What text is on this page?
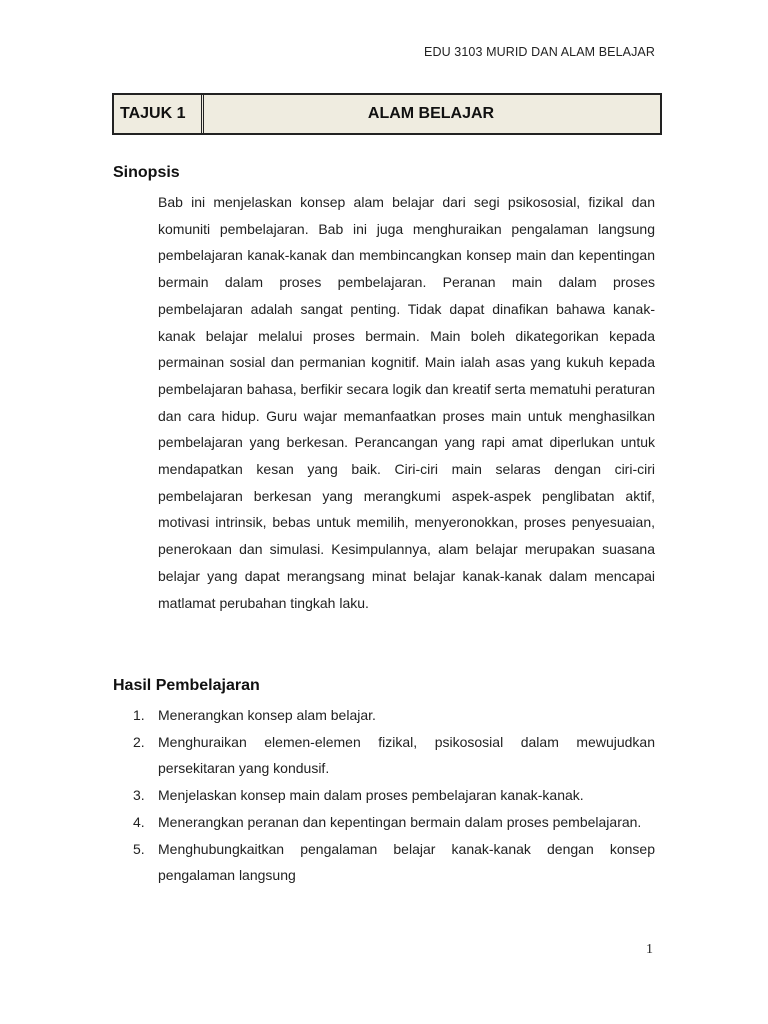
EDU 3103 MURID DAN ALAM BELAJAR
TAJUK 1	ALAM BELAJAR
Sinopsis

Bab ini menjelaskan konsep alam belajar dari segi psikososial, fizikal dan komuniti pembelajaran. Bab ini juga menghuraikan pengalaman langsung pembelajaran kanak-kanak dan membincangkan konsep main dan kepentingan bermain dalam proses pembelajaran. Peranan main dalam proses pembelajaran adalah sangat penting. Tidak dapat dinafikan bahawa kanak-kanak belajar melalui proses bermain. Main boleh dikategorikan kepada permainan sosial dan permanian kognitif. Main ialah asas yang kukuh kepada pembelajaran bahasa, berfikir secara logik dan kreatif serta mematuhi peraturan dan cara hidup. Guru wajar memanfaatkan proses main untuk menghasilkan pembelajaran yang berkesan. Perancangan yang rapi amat diperlukan untuk mendapatkan kesan yang baik. Ciri-ciri main selaras dengan ciri-ciri pembelajaran berkesan yang merangkumi aspek-aspek penglibatan aktif, motivasi intrinsik, bebas untuk memilih, menyeronokkan, proses penyesuaian, penerokaan dan simulasi. Kesimpulannya, alam belajar merupakan suasana belajar yang dapat merangsang minat belajar kanak-kanak dalam mencapai matlamat perubahan tingkah laku.

Hasil Pembelajaran
1. Menerangkan konsep alam belajar.
2. Menghuraikan elemen-elemen fizikal, psikososial dalam mewujudkan persekitaran yang kondusif.
3. Menjelaskan konsep main dalam proses pembelajaran kanak-kanak.
4. Menerangkan peranan dan kepentingan bermain dalam proses pembelajaran.
5. Menghubungkaitkan pengalaman belajar kanak-kanak dengan konsep pengalaman langsung
1
